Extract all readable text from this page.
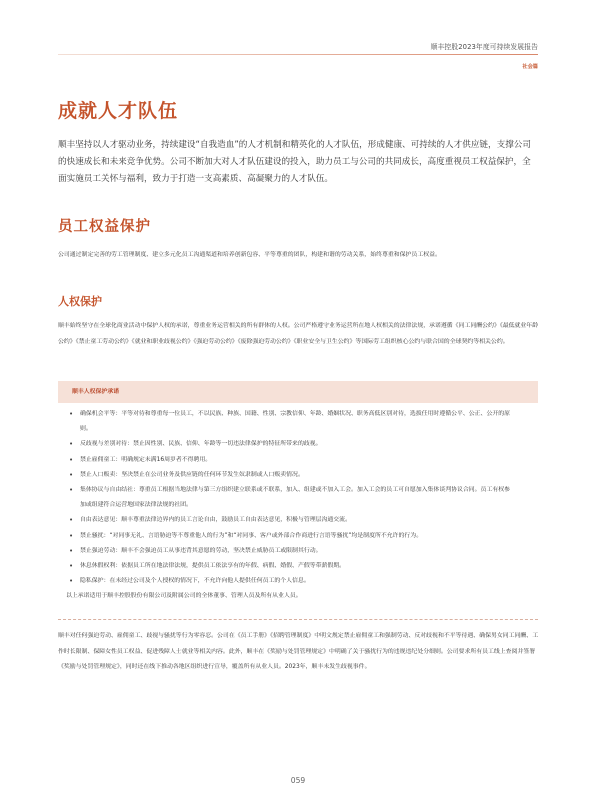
顺丰控股2023年度可持续发展报告
社会篇
成就人才队伍

顺丰坚持以人才驱动业务，持续建设“自我造血”的人才机制和精英化的人才队伍，形成健康、可持续的人才供应链，支撑公司的快速成长和未来竞争优势。公司不断加大对人才队伍建设的投入，助力员工与公司的共同成长，高度重视员工权益保护，全面实施员工关怀与福利，致力于打造一支高素质、高凝聚力的人才队伍。

员工权益保护

公司通过制定完善的劳工管理制度、建立多元化员工沟通渠道和培养创新包容、平等尊重的团队，构建和谐的劳动关系，始终尊重和保护员工权益。

人权保护

顺丰始终坚守在全球化商业活动中保护人权的承诺，尊重业务运营相关的所有群体的人权。公司严格遵守业务运营所在地人权相关的法律法规，承诺遵循《同工同酬公约》《最低就业年龄公约》《禁止童工劳动公约》《就业和职业歧视公约》《强迫劳动公约》《废除强迫劳动公约》《职业安全与卫生公约》等国际劳工组织核心公约与联合国的全球契约等相关公约。

顺丰人权保护承诺
• 确保机会平等：平等对待和尊重每一位员工，不以民族、种族、国籍、性别、宗教信仰、年龄、婚姻状况、职务高低区别对待，选拔任用时遵循公平、公正、公开的原则。
• 反歧视与差别对待：禁止因性别、民族、信仰、年龄等一切违法律保护的特征所带来的歧视。
• 禁止雇佣童工：明确规定未满16周岁者不得聘用。
• 禁止人口贩卖：坚决禁止在公司业务及供应链的任何环节发生奴隶制或人口贩卖情况。
• 集体协议与自由结社：尊重员工根据当地法律与第三方组织建立联系或不联系，加入、组建或不加入工会。加入工会的员工可自愿加入集体谈判协议合同。员工有权参加或组建符合运营地国家法律法规的社团。
• 自由表达意见：顺丰尊重法律边界内的员工言论自由，鼓励员工自由表达意见，积极与管理层沟通交流。
• 禁止骚扰：“对同事无礼、言语胁迫等不尊重他人的行为”和“对同事、客户或外部合作商进行言语等骚扰”均是制度所不允许的行为。
• 禁止强迫劳动：顺丰不会强迫员工从事违背其意愿的劳动，坚决禁止威胁员工或限制其行动。
• 休息休假权利：依据员工所在地法律法规，提供员工依法享有的年假、病假、婚假、产假等带薪假期。
• 隐私保护：在未经过公司及个人授权的情况下，不允许向他人提供任何员工的个人信息。
以上承诺适用于顺丰控股股份有限公司及附属公司的全体董事、管理人员及所有从业人员。

顺丰对任何强迫劳动、雇佣童工、歧视与骚扰等行为零容忍。公司在《员工手册》《招聘管理制度》中明文规定禁止雇佣童工和强制劳动、反对歧视和不平等待遇、确保男女同工同酬、工作时长限制、保障女性员工权益、促进残障人士就业等相关内容。此外，顺丰在《奖励与处罚管理规定》中明确了关于骚扰行为的违规违纪处分细则。公司要求所有员工线上查阅并签署《奖励与处罚管理规定》，同时还在线下推动各地区组织进行宣导，覆盖所有从业人员。2023年，顺丰未发生歧视事件。

059
